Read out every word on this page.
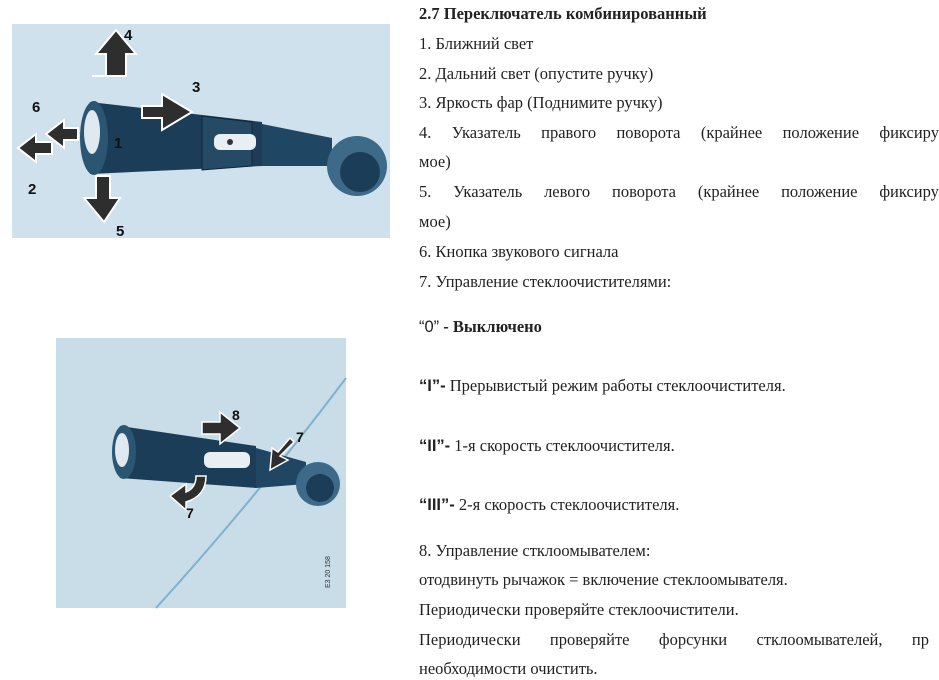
1
2
3
4
5
6
8
7
7
E3 20 158
2.7 Переключатель комбинированный
1. Ближний свет
2. Дальний свет (опустите ручку)
3. Яркость фар (Поднимите ручку)
4. Указатель правого поворота (крайнее положение фиксиру
мое)
5. Указатель левого поворота (крайнее положение фиксиру
мое)
6. Кнопка звукового сигнала
7. Управление стеклоочистителями:
“0” - Выключено
“I”- Прерывистый режим работы стеклоочистителя.
“II”- 1-я скорость стеклоочистителя.
“III”- 2-я скорость стеклоочистителя.
8. Управление стклоомывателем:
отодвинуть рычажок = включение стеклоомывателя.
Периодически проверяйте стеклоочистители.
Периодически проверяйте форсунки стклоомывателей, пр
необходимости очистить.
